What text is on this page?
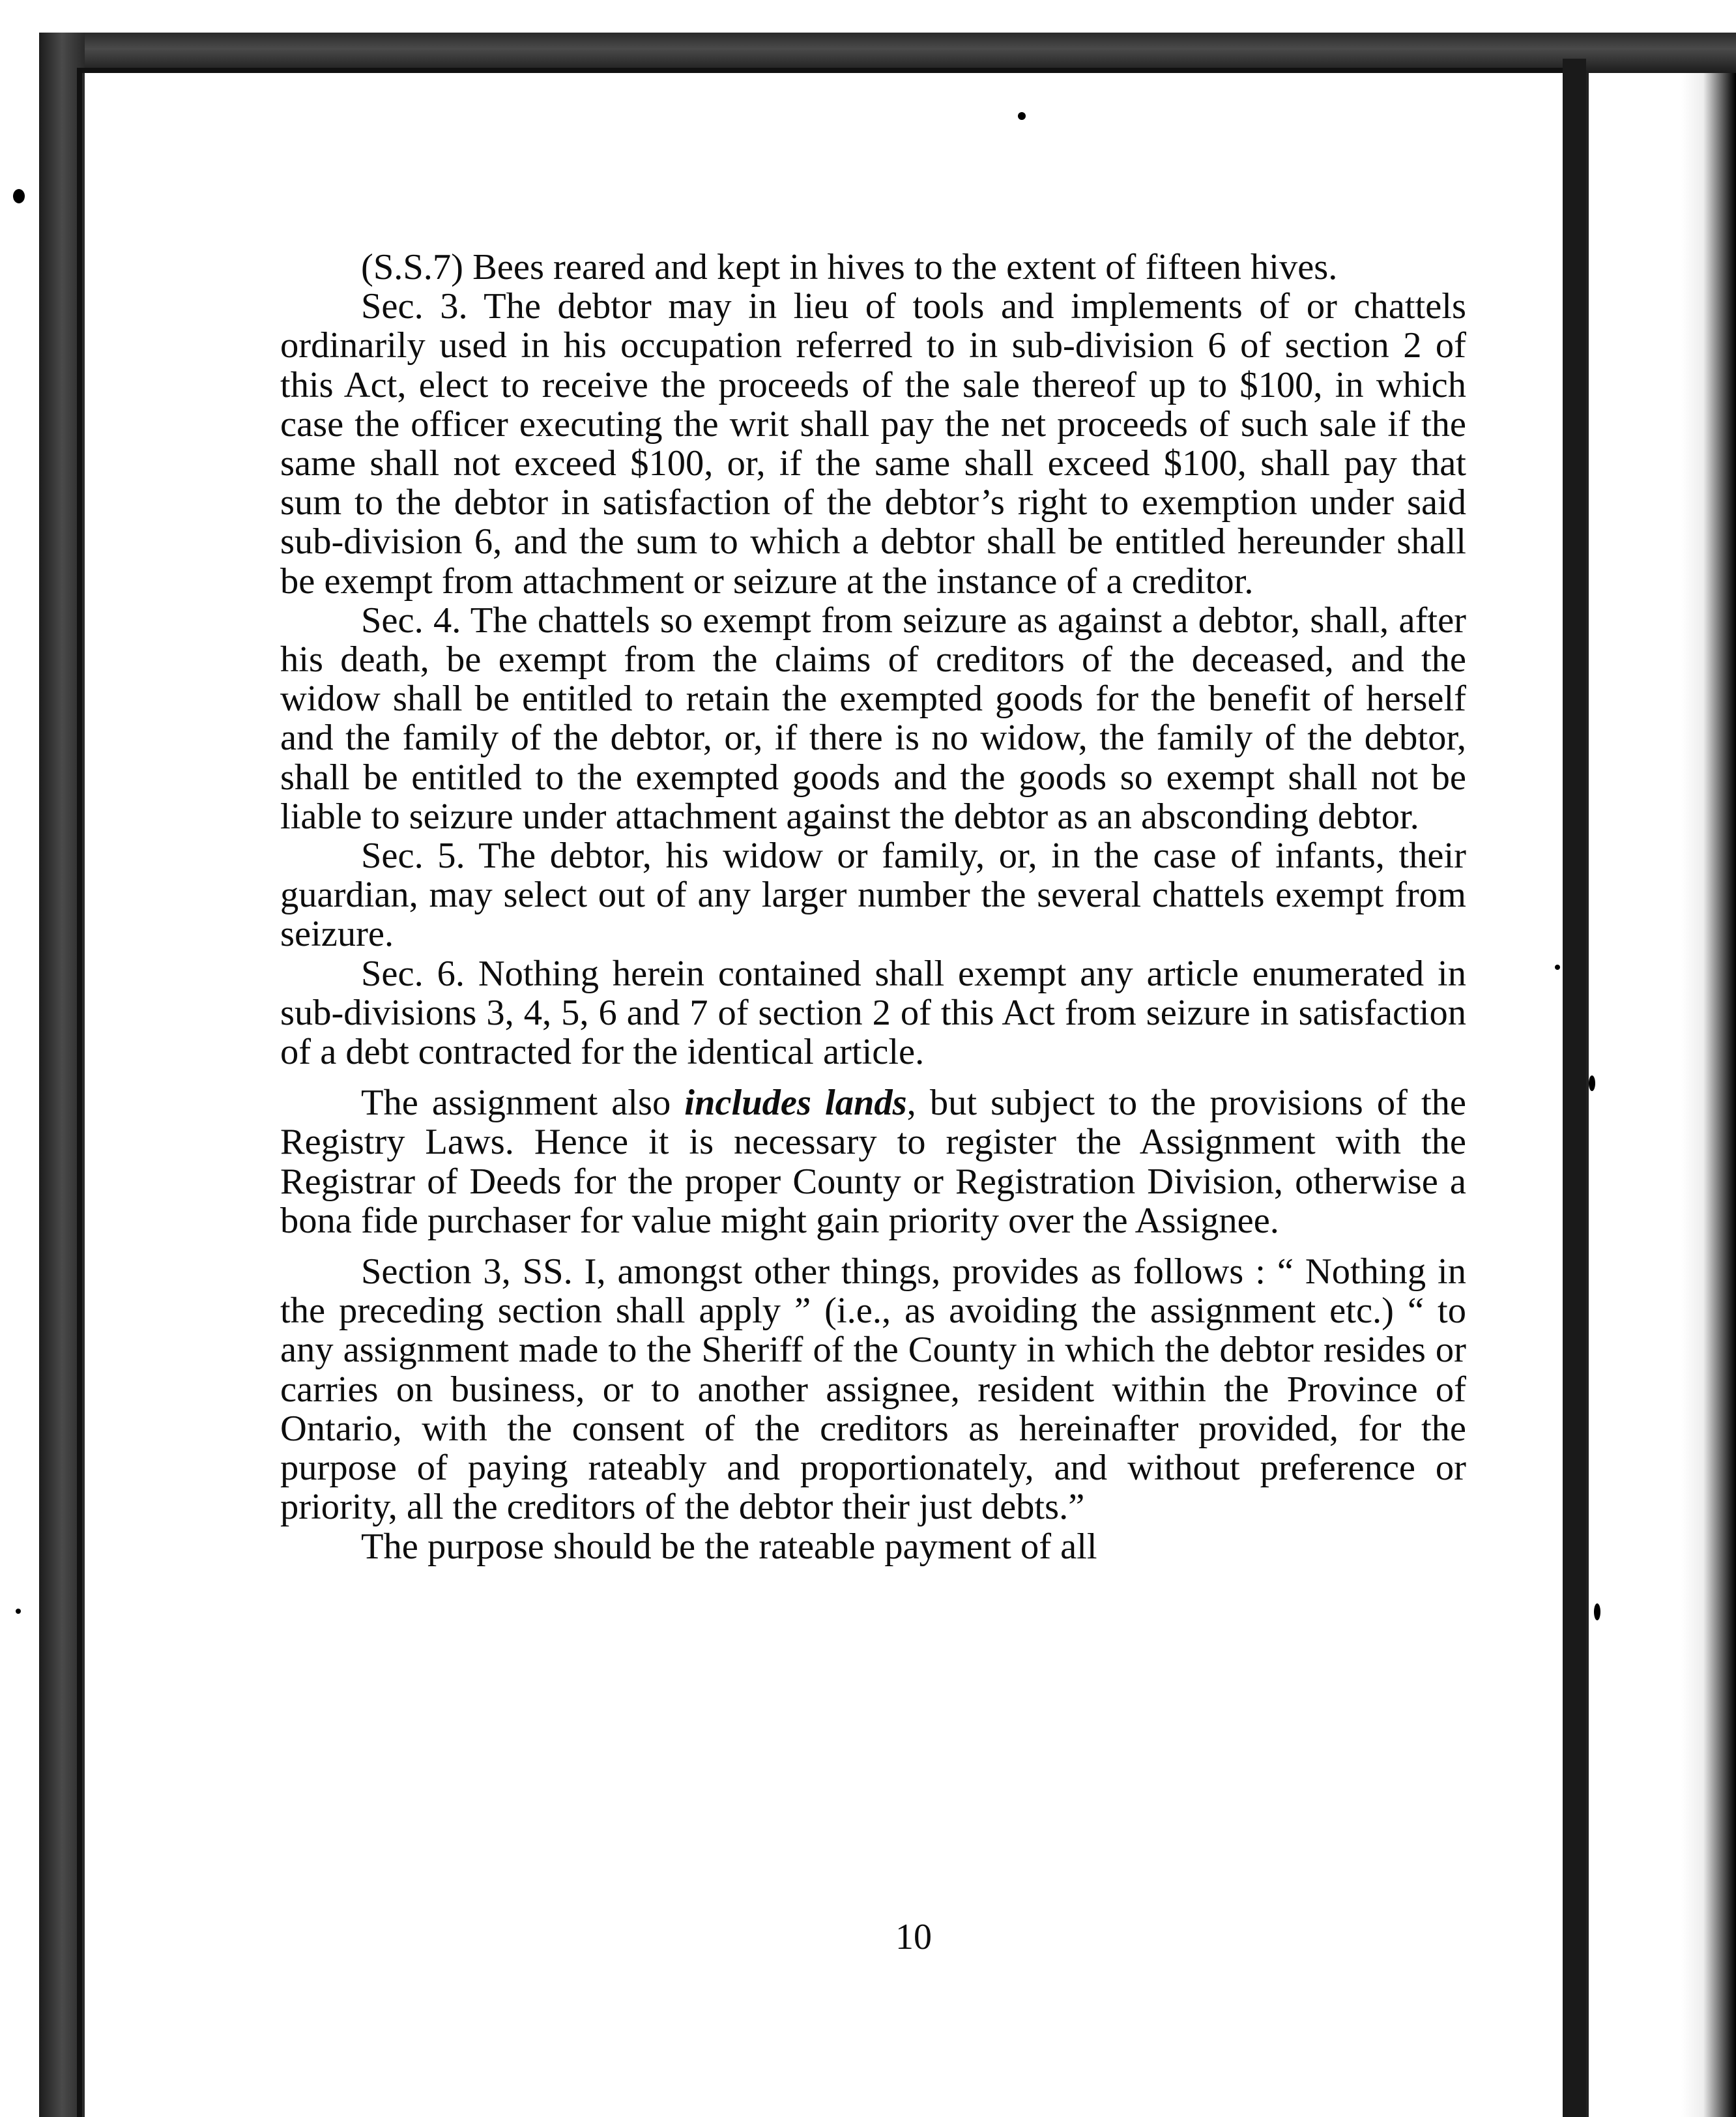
(S.S.7) Bees reared and kept in hives to the extent of fifteen hives.

Sec. 3. The debtor may in lieu of tools and implements of or chattels ordinarily used in his occupation referred to in sub-division 6 of section 2 of this Act, elect to receive the proceeds of the sale thereof up to $100, in which case the officer executing the writ shall pay the net proceeds of such sale if the same shall not exceed $100, or, if the same shall exceed $100, shall pay that sum to the debtor in satisfaction of the debtor’s right to exemption under said sub-division 6, and the sum to which a debtor shall be entitled hereunder shall be exempt from attachment or seizure at the instance of a creditor.

Sec. 4. The chattels so exempt from seizure as against a debtor, shall, after his death, be exempt from the claims of creditors of the deceased, and the widow shall be entitled to retain the exempted goods for the benefit of herself and the family of the debtor, or, if there is no widow, the family of the debtor, shall be entitled to the exempted goods and the goods so exempt shall not be liable to seizure under attachment against the debtor as an absconding debtor.

Sec. 5. The debtor, his widow or family, or, in the case of infants, their guardian, may select out of any larger number the several chattels exempt from seizure.

Sec. 6. Nothing herein contained shall exempt any article enumerated in sub-divisions 3, 4, 5, 6 and 7 of section 2 of this Act from seizure in satisfaction of a debt contracted for the identical article.

The assignment also includes lands, but subject to the provisions of the Registry Laws. Hence it is necessary to register the Assignment with the Registrar of Deeds for the proper County or Registration Division, otherwise a bona fide purchaser for value might gain priority over the Assignee.

Section 3, SS. I, amongst other things, provides as follows : “ Nothing in the preceding section shall apply ” (i.e., as avoiding the assignment etc.) “ to any assignment made to the Sheriff of the County in which the debtor resides or carries on business, or to another assignee, resident within the Province of Ontario, with the consent of the creditors as hereinafter provided, for the purpose of paying rateably and proportionately, and without preference or priority, all the creditors of the debtor their just debts.”

The purpose should be the rateable payment of all

10
